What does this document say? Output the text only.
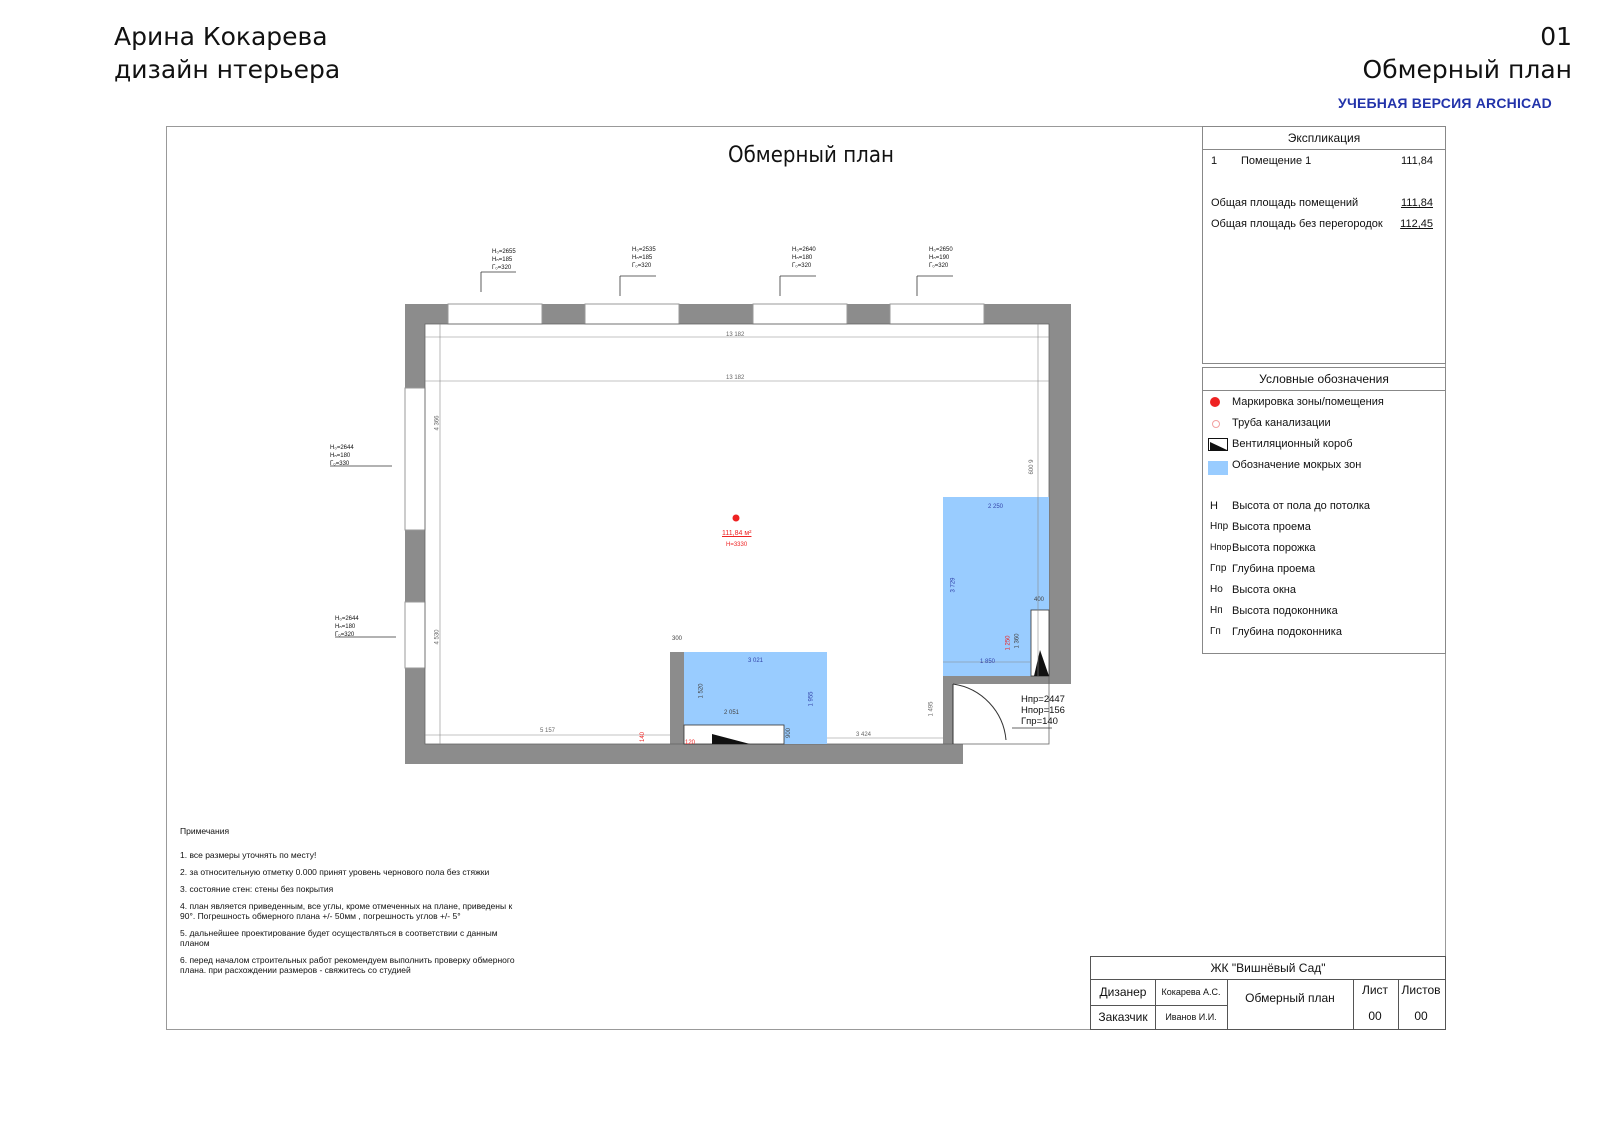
Арина Кокарева
дизайн нтерьера
01
Обмерный план
УЧЕБНАЯ ВЕРСИЯ ARCHICAD
Обмерный план
Н₀=2655
Нₙ=185
Г₀=320
Н₀=2535
Нₙ=185
Г₀=320
Н₀=2640
Нₙ=180
Г₀=320
Н₀=2650
Нₙ=190
Г₀=320
Н₀=2644
Нₙ=180
Г₀=330
Н₀=2644
Нₙ=180
Г₀=320
13 182
13 182
4 366
4 530
6 009
2 250
3 729
1 850
400
1 360
1 250
3 021
1 520
1 955
2 051
900
300
5 157
3 424
1 495
140
120
111,84 м²
Н=3330
Нпр=2447
Нпор=156
Гпр=140
Экспликация
1 Помещение 1	111,84
Общая площадь помещений	111,84
Общая площадь без перегородок 112,45
Условные обозначения
Маркировка зоны/помещения
Труба канализации
Вентиляционный короб
Обозначение мокрых зон
Н Высота от пола до потолка
Нпр Высота проема
Нпор Высота порожка
Гпр Глубина проема
Но Высота окна
Нп Высота подоконника
Гп Глубина подоконника

Примечания

1. все размеры уточнять по месту!

2. за относительную отметку 0.000 принят уровень чернового пола без стяжки

3. состояние стен: стены без покрытия

4. план является приведенным, все углы, кроме отмеченных на плане, приведены к 90°. Погрешность обмерного плана +/- 50мм , погрешность углов +/- 5°

5. дальнейшее проектирование будет осуществляться в соответствии с данным планом

6. перед началом строительных работ рекомендуем выполнить проверку обмерного плана. при расхождении размеров - свяжитесь со студией	ЖК "Вишнёвый Сад"
Дизанер	Кокарева А.С.
Заказчик	Иванов И.И.
Обмерный план
Лист	Листов
00	00
